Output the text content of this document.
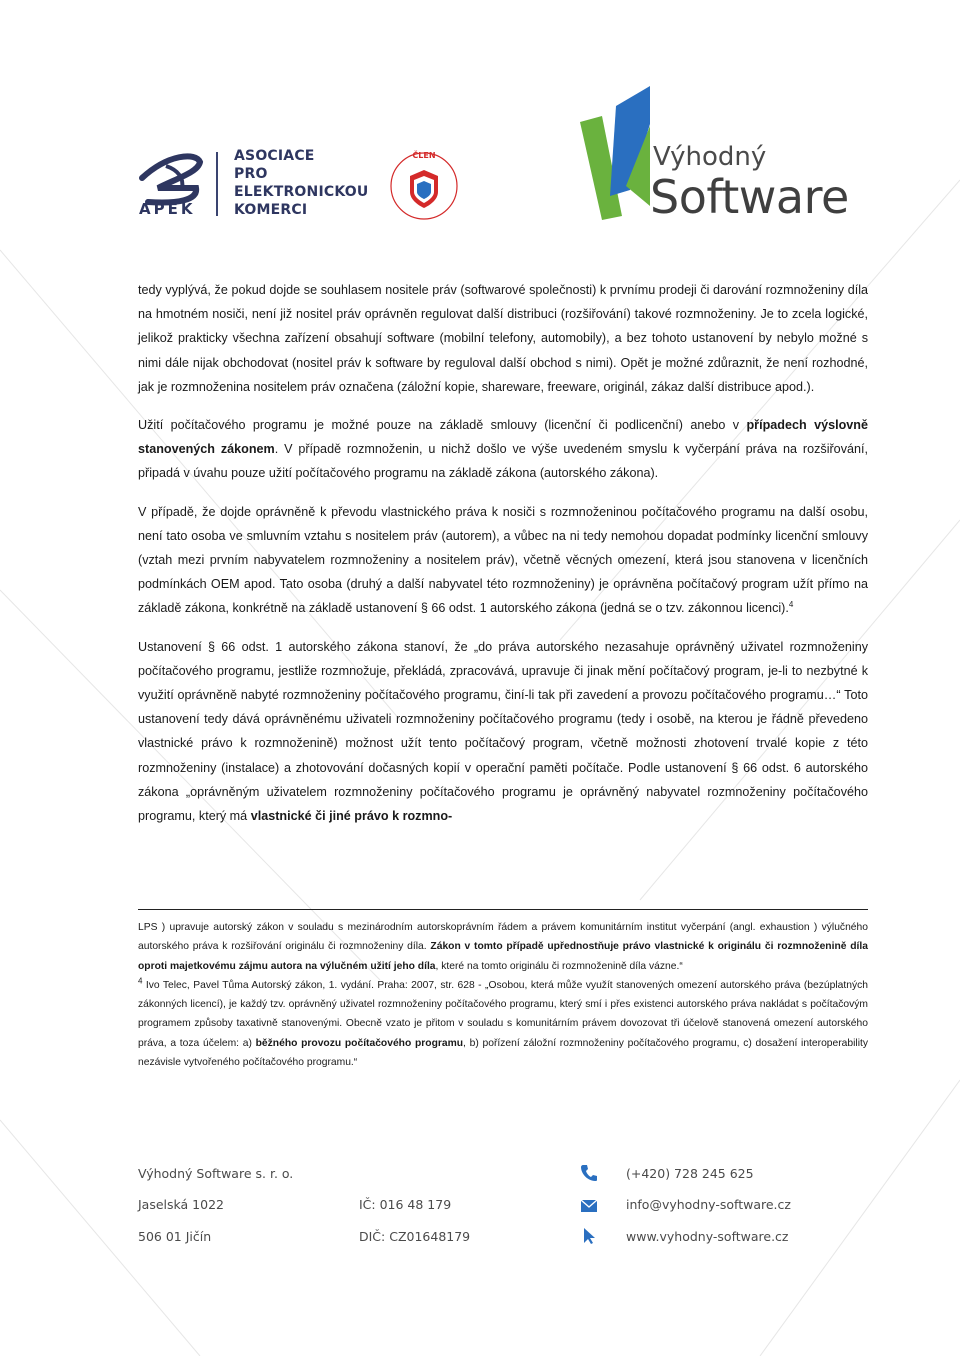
APEK
ASOCIACE
PRO
ELEKTRONICKOU
KOMERCI
ČLEN	Výhodný
Software

tedy vyplývá, že pokud dojde se souhlasem nositele práv (softwarové společnosti) k prvnímu prodeji či darování rozmnoženiny díla na hmotném nosiči, není již nositel práv oprávněn regulovat další distribuci (rozšiřování) takové rozmnoženiny. Je to zcela logické, jelikož prakticky všechna zařízení obsahují software (mobilní telefony, automobily), a bez tohoto ustanovení by nebylo možné s nimi dále nijak obchodovat (nositel práv k software by reguloval další obchod s nimi). Opět je možné zdůraznit, že není rozhodné, jak je rozmnoženina nositelem práv označena (záložní kopie, shareware, freeware, originál, zákaz další distribuce apod.).

Užití počítačového programu je možné pouze na základě smlouvy (licenční či podlicenční) anebo v případech výslovně stanovených zákonem. V případě rozmnoženin, u nichž došlo ve výše uvedeném smyslu k vyčerpání práva na rozšiřování, připadá v úvahu pouze užití počítačového programu na základě zákona (autorského zákona).

V případě, že dojde oprávněně k převodu vlastnického práva k nosiči s rozmnoženinou počítačového programu na další osobu, není tato osoba ve smluvním vztahu s nositelem práv (autorem), a vůbec na ni tedy nemohou dopadat podmínky licenční smlouvy (vztah mezi prvním nabyvatelem rozmnoženiny a nositelem práv), včetně věcných omezení, která jsou stanovena v licenčních podmínkách OEM apod. Tato osoba (druhý a další nabyvatel této rozmnoženiny) je oprávněna počítačový program užít přímo na základě zákona, konkrétně na základě ustanovení § 66 odst. 1 autorského zákona (jedná se o tzv. zákonnou licenci).$^4$

Ustanovení § 66 odst. 1 autorského zákona stanoví, že „do práva autorského nezasahuje oprávněný uživatel rozmnoženiny počítačového programu, jestliže rozmnožuje, překládá, zpracovává, upravuje či jinak mění počítačový program, je-li to nezbytné k využití oprávněně nabyté rozmnoženiny počítačového programu, činí-li tak při zavedení a provozu počítačového programu…“ Toto ustanovení tedy dává oprávněnému uživateli rozmnoženiny počítačového programu (tedy i osobě, na kterou je řádně převedeno vlastnické právo k rozmnoženině) možnost užít tento počítačový program, včetně možnosti zhotovení trvalé kopie z této rozmnoženiny (instalace) a zhotovování dočasných kopií v operační paměti počítače. Podle ustanovení § 66 odst. 6 autorského zákona „oprávněným uživatelem rozmnoženiny počítačového programu je oprávněný nabyvatel rozmnoženiny počítačového programu, který má vlastnické či jiné právo k rozmno-

LPS ) upravuje autorský zákon v souladu s mezinárodním autorskoprávním řádem a právem komunitárním institut vyčerpání (angl. exhaustion ) výlučného autorského práva k rozšiřování originálu či rozmnoženiny díla. Zákon v tomto případě upřednostňuje právo vlastnické k originálu či rozmnoženině díla oproti majetkovému zájmu autora na výlučném užití jeho díla, které na tomto originálu či rozmnoženině díla vázne.“

$^4$ Ivo Telec, Pavel Tůma Autorský zákon, 1. vydání. Praha: 2007, str. 628 - „Osobou, která může využít stanovených omezení autorského práva (bezúplatných zákonných licencí), je každý tzv. oprávněný uživatel rozmnoženiny počítačového programu, který smí i přes existenci autorského práva nakládat s počítačovým programem způsoby taxativně stanovenými. Obecně vzato je přitom v souladu s komunitárním právem dovozovat tři účelově stanovená omezení autorského práva, a toza účelem: a) běžného provozu počítačového programu, b) pořízení záložní rozmnoženiny počítačového programu, c) dosažení interoperability nezávisle vytvořeného počítačového programu.“

Výhodný Software s. r. o.
Jaselská 1022
506 01 Jičín
IČ: 016 48 179
DIČ: CZ01648179
(+420) 728 245 625
info@vyhodny-software.cz
www.vyhodny-software.cz
